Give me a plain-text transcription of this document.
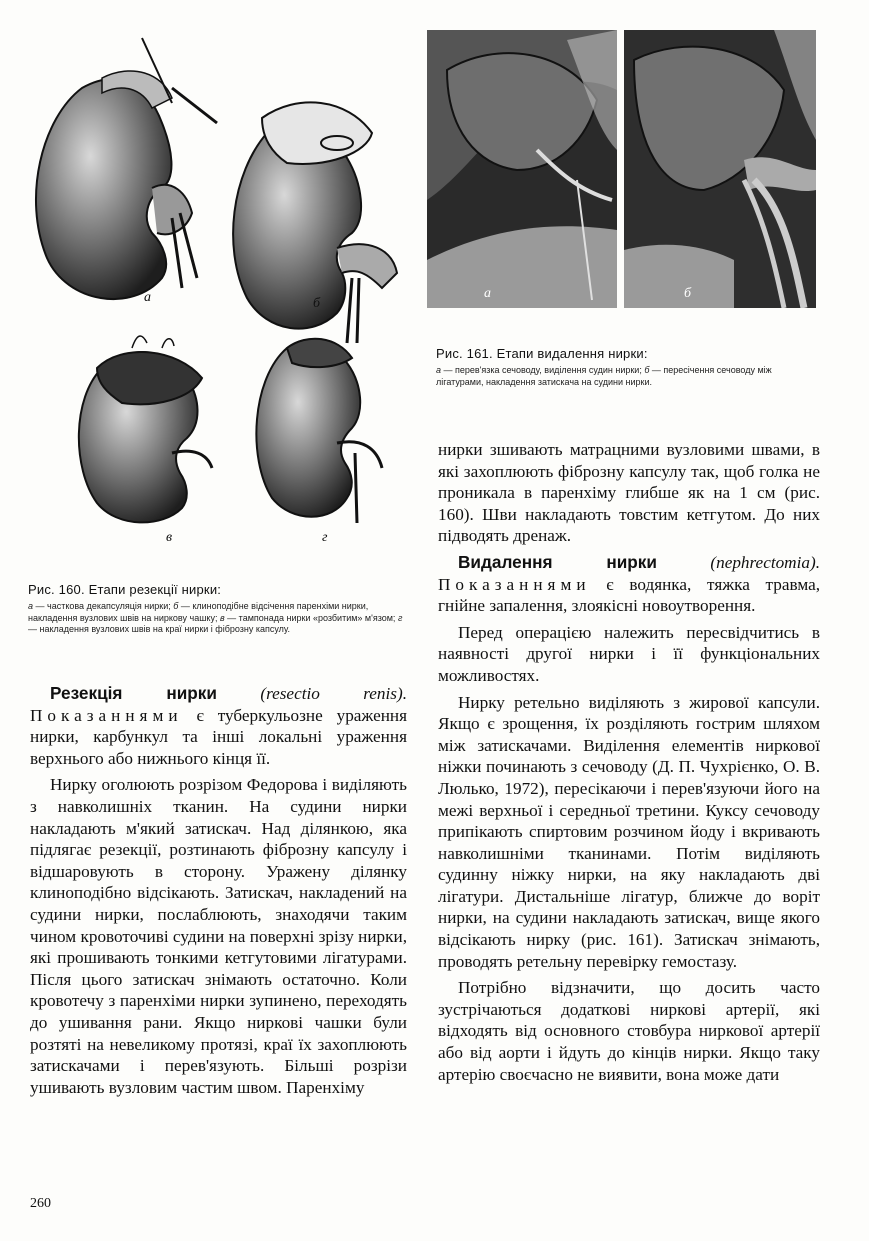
а	б
в	г
Рис. 160. Етапи резекції нирки:
а — часткова декапсуляція нирки; б — клиноподібне відсічення паренхіми нирки, накладення вузлових швів на ниркову чашку; в — тампонада нирки «розбитим» м'язом; г — накладення вузлових швів на краї нирки і фіброзну капсулу.
а	б
Рис. 161. Етапи видалення нирки:
а — перев'язка сечоводу, виділення судин нирки; б — пересічення сечоводу між лігатурами, накладення затискача на судини нирки.

Резекція нирки	(resectio renis). Показаннями є туберкульозне ураження нирки, карбункул та інші локальні ураження верхнього або нижнього кінця її.

Нирку оголюють розрізом Федорова і виділяють з навколишніх тканин. На судини нирки накладають м'який затискач. Над ділянкою, яка підлягає резекції, розтинають фіброзну капсулу і відшаровують в сторону. Уражену ділянку клиноподібно відсікають. Затискач, накладений на судини нирки, послаблюють, знаходячи таким чином кровоточиві судини на поверхні зрізу нирки, які прошивають тонкими кетгутовими лігатурами. Після цього затискач знімають остаточно. Коли кровотечу з паренхіми нирки зупинено, переходять до ушивання рани. Якщо ниркові чашки були розтяті на невеликому протязі, краї їх захоплюють затискачами і перев'язують. Більші розрізи ушивають вузловим частим швом. Паренхіму

нирки зшивають матрацними вузловими швами, в які захоплюють фіброзну капсулу так, щоб голка не проникала в паренхіму глибше як на 1 см (рис. 160). Шви накладають товстим кетгутом. До них підводять дренаж.

Видалення нирки	(nephrectomia). Показаннями є водянка, тяжка травма, гнійне запалення, злоякісні новоутворення.

Перед операцією належить пересвідчитись в наявності другої нирки і її функціональних можливостях.

Нирку ретельно виділяють з жирової капсули. Якщо є зрощення, їх розділяють гострим шляхом між затискачами. Виділення елементів ниркової ніжки починають з сечоводу (Д. П. Чухрієнко, О. В. Люлько, 1972), пересікаючи і перев'язуючи його на межі верхньої і середньої третини. Куксу сечоводу припікають спиртовим розчином йоду і вкривають навколишніми тканинами. Потім виділяють судинну ніжку нирки, на яку накладають дві лігатури. Дистальніше лігатур, ближче до воріт нирки, на судини накладають затискач, вище якого відсікають нирку (рис. 161). Затискач знімають, проводять ретельну перевірку гемостазу.

Потрібно відзначити, що досить часто зустрічаються додаткові ниркові артерії, які відходять від основного стовбура ниркової артерії або від аорти і йдуть до кінців нирки. Якщо таку артерію своєчасно не виявити, вона може дати

260
